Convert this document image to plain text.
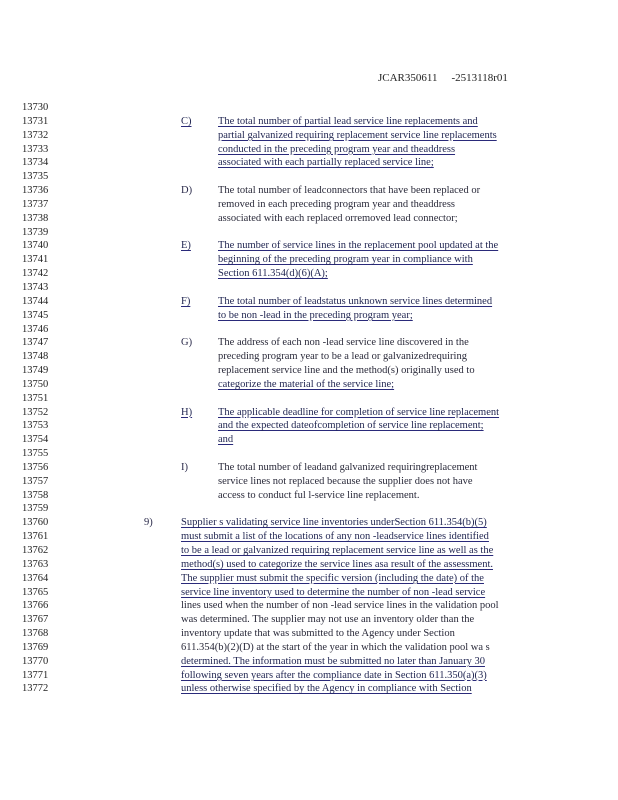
JCAR350611 -2513118r01
13730
13731	C)	The total number of partial lead service line replacements and
13732	partial galvanized requiring replacement service line replacements
13733	conducted in the preceding program year and theaddress
13734	associated with each partially replaced service line;
13735
13736	D) The total number of leadconnectors that have been replaced or
13737	removed in each preceding program year and theaddress
13738	associated with each replaced orremoved lead connector;
13739
13740	E)	The number of service lines in the replacement pool updated at the
13741	beginning of the preceding program year in compliance with
13742	Section 611.354(d)(6)(A);
13743
13744	F)	The total number of leadstatus unknown service lines determined
13745	to be non -lead in the preceding program year;
13746
13747	G) The address of each non -lead service line discovered in the
13748	preceding program year to be a lead or galvanizedrequiring
13749	replacement service line and the method(s) originally used to
13750	categorize the material of the service line;
13751
13752	H) The applicable deadline for completion of service line replacement
13753	and the expected dateofcompletion of service line replacement;
13754	and
13755
13756	I)	The total number of leadand galvanized requiringreplacement
13757	service lines not replaced because the supplier does not have
13758	access to conduct ful l-service line replacement.
13759
13760	9)	Supplier s validating service line inventories underSection 611.354(b)(5)
13761	must submit a list of the locations of any non -leadservice lines identified
13762	to be a lead or galvanized requiring replacement service line as well as the
13763	method(s) used to categorize the service lines asa result of the assessment.
13764	The supplier must submit the specific version (including the date) of the
13765	service line inventory used to determine the number of non -lead service
13766	lines used when the number of non -lead service lines in the validation pool
13767	was determined. The supplier may not use an inventory older than the
13768	inventory update that was submitted to the Agency under Section
13769	611.354(b)(2)(D) at the start of the year in which the validation pool wa s
13770	determined. The information must be submitted no later than January 30
13771	following seven years after the compliance date in Section 611.350(a)(3)
13772	unless otherwise specified by the Agency in compliance with Section
